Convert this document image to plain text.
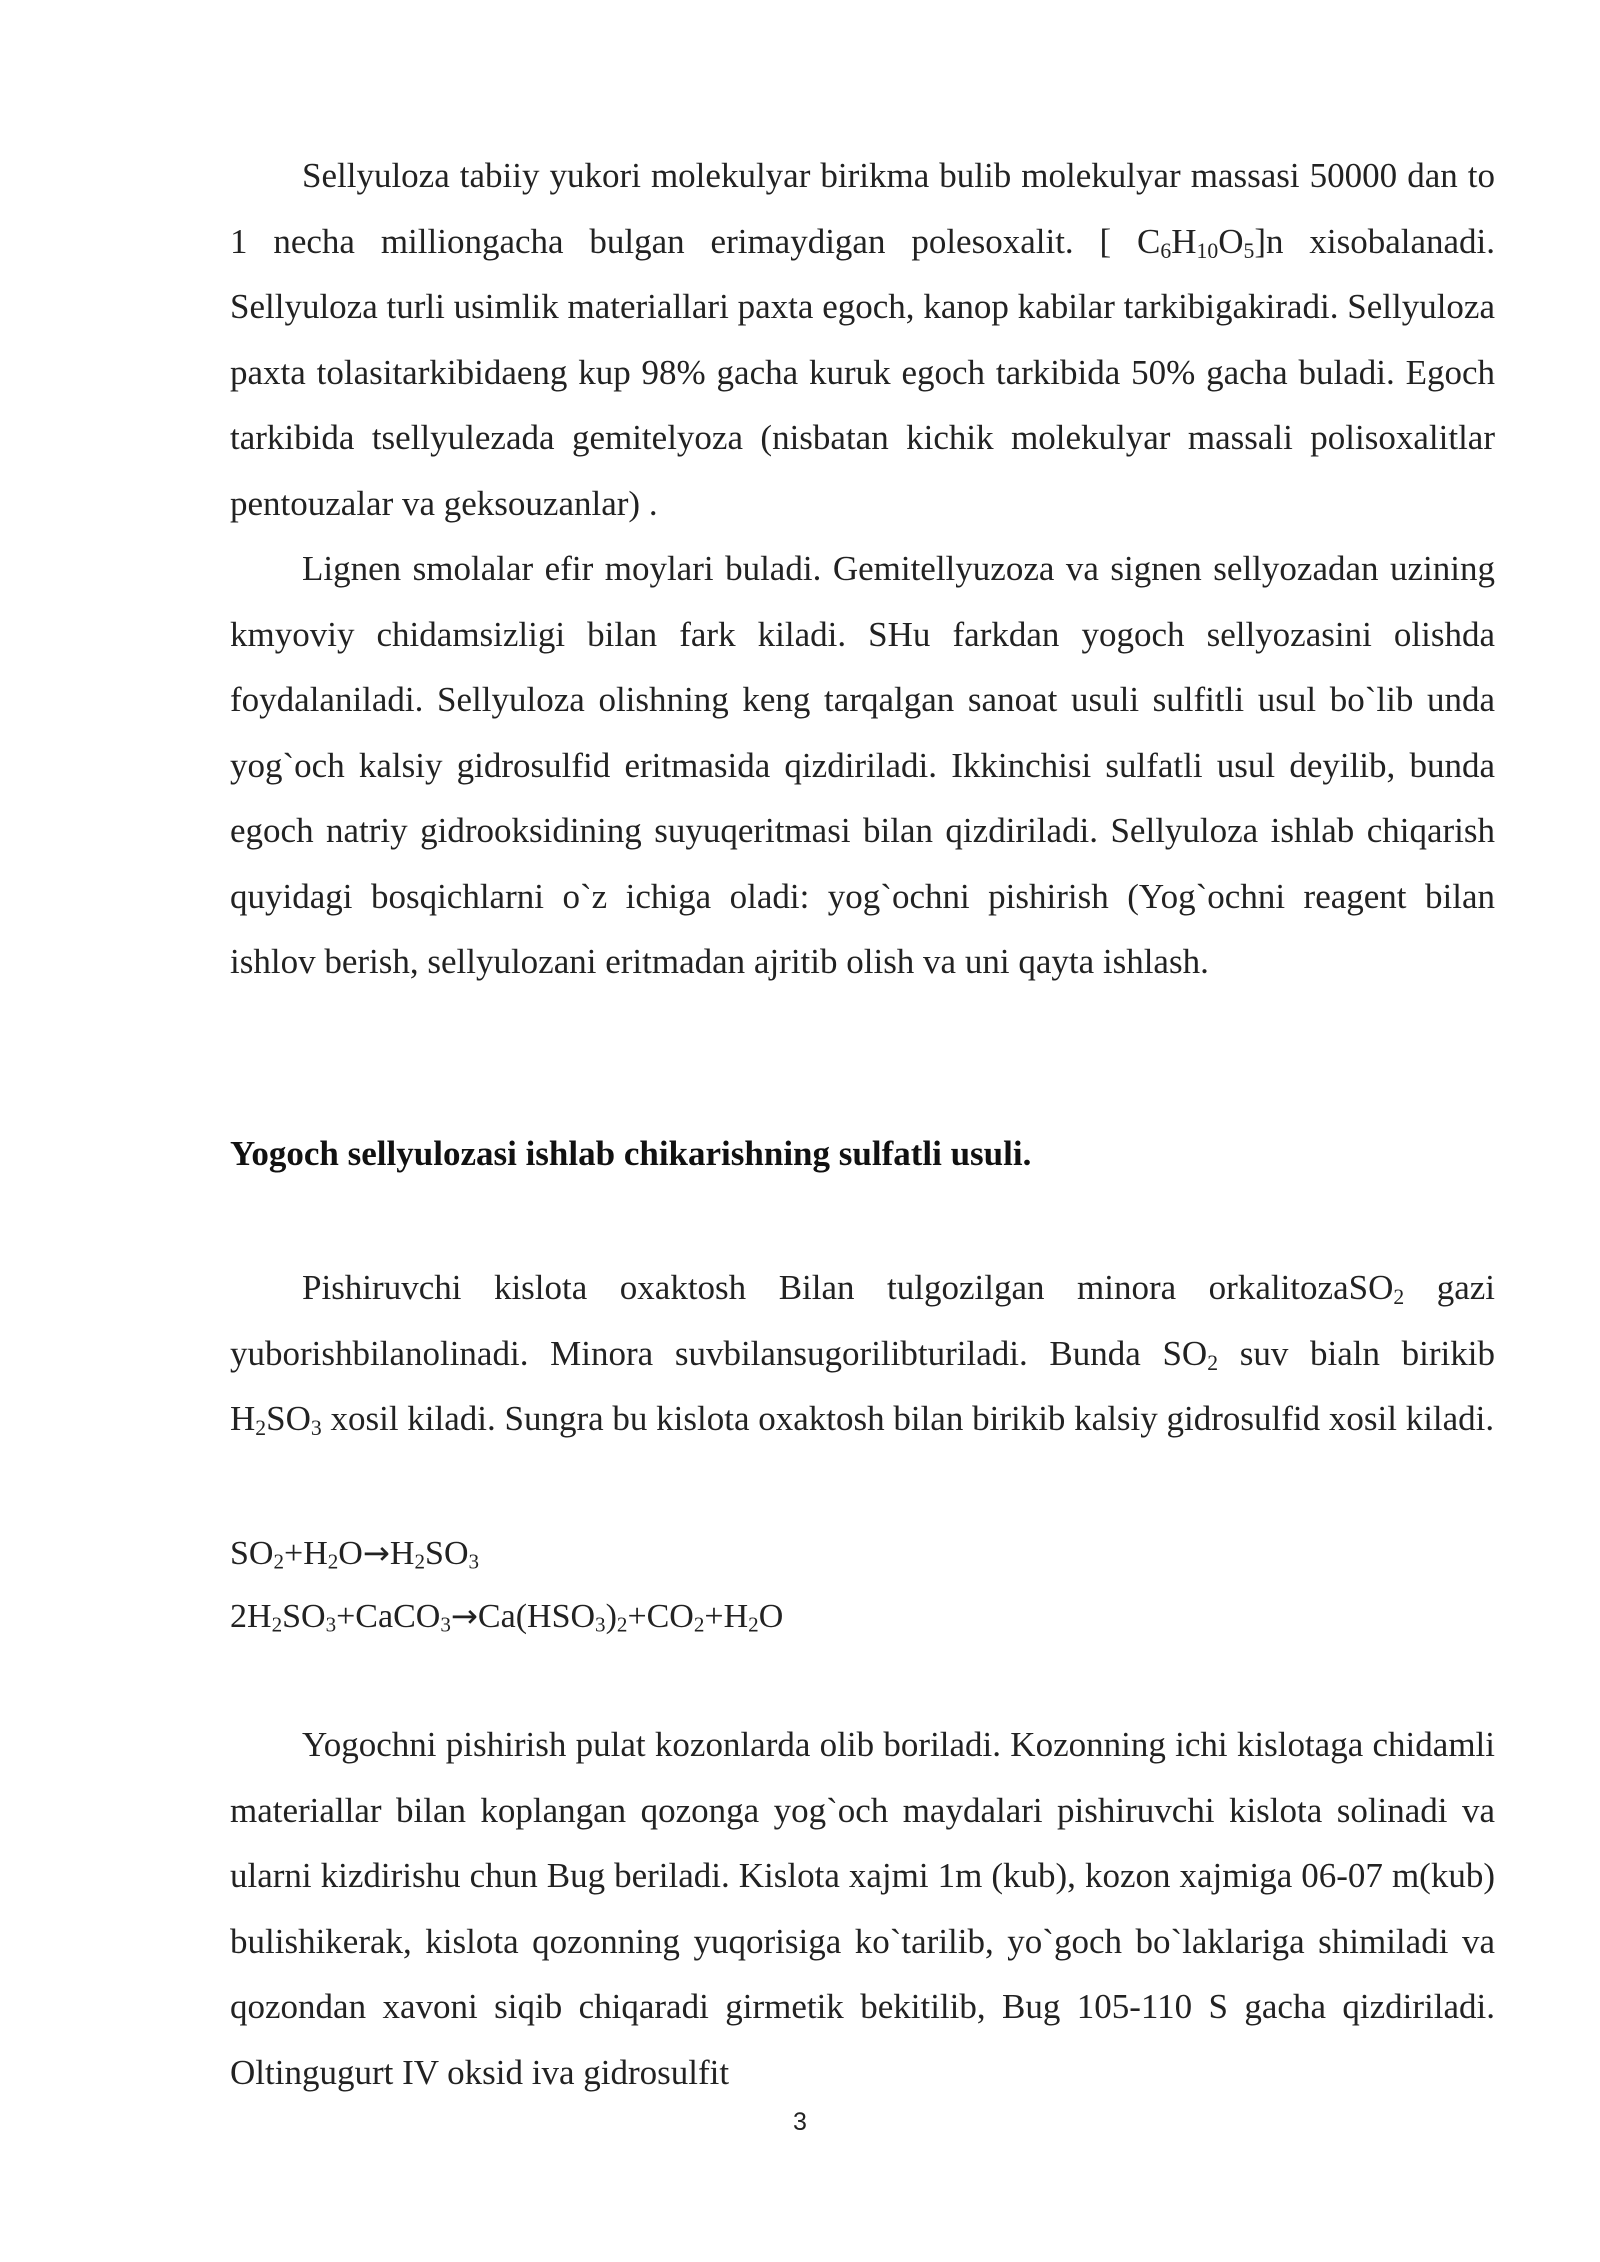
Sellyuloza tabiiy yukori molekulyar birikma bulib molekulyar massasi 50000 dan to 1 necha milliongacha bulgan erimaydigan polesoxalit. [ $C_6H_{10}O_5]n$ xisobalanadi. Sellyuloza turli usimlik materiallari paxta egoch, kanop kabilar tarkibigakiradi. Sellyuloza paxta tolasitarkibidaeng kup 98% gacha kuruk egoch tarkibida 50% gacha buladi. Egoch tarkibida tsellyulezada gemitelyoza (nisbatan kichik molekulyar massali polisoxalitlar pentouzalar va geksouzanlar) .

Lignen smolalar efir moylari buladi. Gemitellyuzoza va signen sellyozadan uzining kmyoviy chidamsizligi bilan fark kiladi. SHu farkdan yogoch sellyozasini olishda foydalaniladi. Sellyuloza olishning keng tarqalgan sanoat usuli sulfitli usul bo`lib unda yog`och kalsiy gidrosulfid eritmasida qizdiriladi. Ikkinchisi sulfatli usul deyilib, bunda egoch natriy gidrooksidining suyuqeritmasi bilan qizdiriladi. Sellyuloza ishlab chiqarish quyidagi bosqichlarni o`z ichiga oladi: yog`ochni pishirish (Yog`ochni reagent bilan ishlov berish, sellyulozani eritmadan ajritib olish va uni qayta ishlash.

Yogoch sellyulozasi ishlab chikarishning sulfatli usuli.

Pishiruvchi kislota oxaktosh Bilan tulgozilgan minora orkalitozaSO$_2$ gazi yuborishbilanolinadi. Minora suvbilansugorilibturiladi. Bunda $SO_2$ suv bialn birikib $H_2SO_3$ xosil kiladi. Sungra bu kislota oxaktosh bilan birikib kalsiy gidrosulfid xosil kiladi.

$SO_2+H_2O\to H_2SO_3$

$2H_2SO_3+CaCO_3\to Ca(HSO_3)_2+CO_2+H_2O$

Yogochni pishirish pulat kozonlarda olib boriladi. Kozonning ichi kislotaga chidamli materiallar bilan koplangan qozonga yog`och maydalari pishiruvchi kislota solinadi va ularni kizdirishu chun Bug beriladi. Kislota xajmi 1m (kub), kozon xajmiga 06-07 m(kub) bulishikerak, kislota qozonning yuqorisiga ko`tarilib, yo`goch bo`laklariga shimiladi va qozondan xavoni siqib chiqaradi girmetik bekitilib, Bug 105-110 S gacha qizdiriladi. Oltingugurt IV oksid iva gidrosulfit

3
